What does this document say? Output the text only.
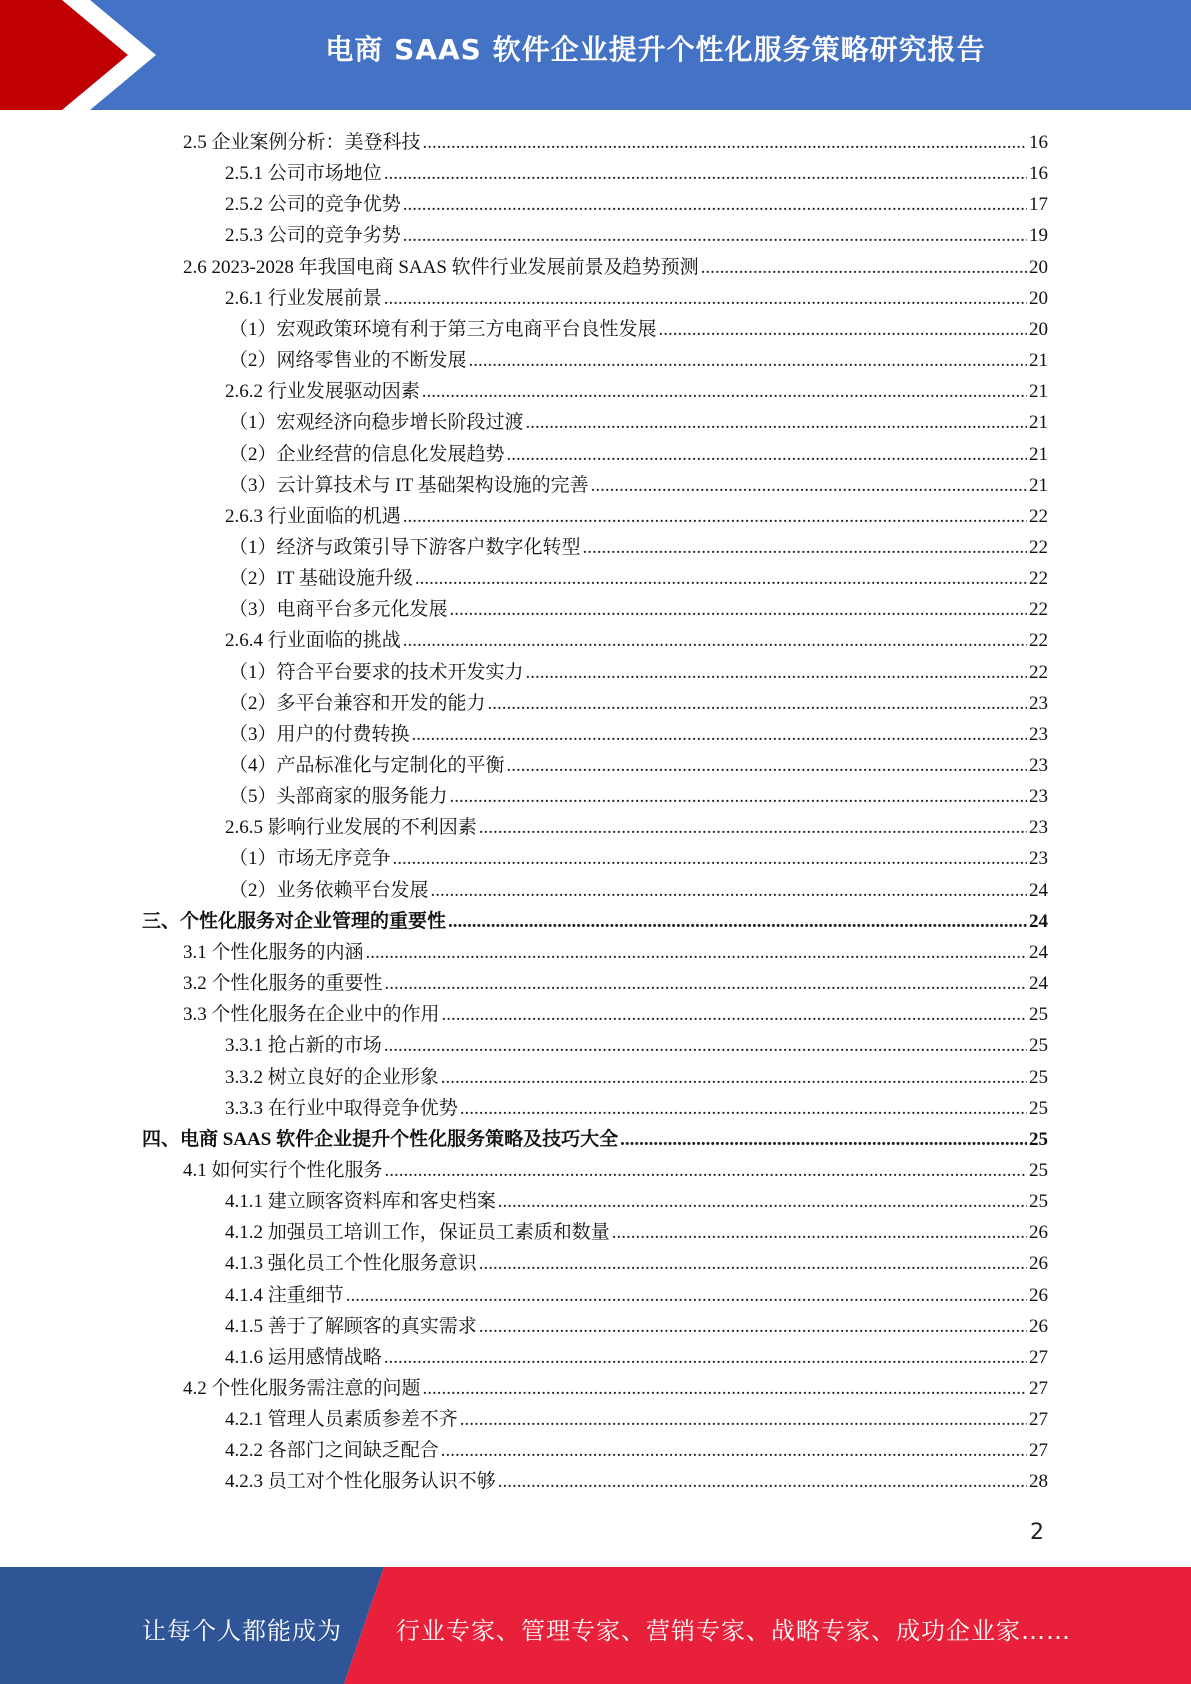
电商 SAAS 软件企业提升个性化服务策略研究报告
2.5 企业案例分析：美登科技 .....	16
2.5.1 公司市场地位 .....	16
2.5.2 公司的竞争优势 .....	17
2.5.3 公司的竞争劣势 .....	19
2.6 2023-2028 年我国电商 SAAS 软件行业发展前景及趋势预测 .....	20
2.6.1 行业发展前景 .....	20
（1）宏观政策环境有利于第三方电商平台良性发展 .....	20
（2）网络零售业的不断发展 .....	21
2.6.2 行业发展驱动因素 .....	21
（1）宏观经济向稳步增长阶段过渡 .....	21
（2）企业经营的信息化发展趋势 .....	21
（3）云计算技术与 IT 基础架构设施的完善 .....	21
2.6.3 行业面临的机遇 .....	22
（1）经济与政策引导下游客户数字化转型 .....	22
（2）IT 基础设施升级 .....	22
（3）电商平台多元化发展 .....	22
2.6.4 行业面临的挑战 .....	22
（1）符合平台要求的技术开发实力 .....	22
（2）多平台兼容和开发的能力 .....	23
（3）用户的付费转换 .....	23
（4）产品标准化与定制化的平衡 .....	23
（5）头部商家的服务能力 .....	23
2.6.5 影响行业发展的不利因素 .....	23
（1）市场无序竞争 .....	23
（2）业务依赖平台发展 .....	24
三、个性化服务对企业管理的重要性 .....	24
3.1 个性化服务的内涵 .....	24
3.2 个性化服务的重要性 .....	24
3.3 个性化服务在企业中的作用 .....	25
3.3.1 抢占新的市场 .....	25
3.3.2 树立良好的企业形象 .....	25
3.3.3 在行业中取得竞争优势 .....	25
四、电商 SAAS 软件企业提升个性化服务策略及技巧大全 .....	25
4.1 如何实行个性化服务 .....	25
4.1.1 建立顾客资料库和客史档案 .....	25
4.1.2 加强员工培训工作，保证员工素质和数量 .....	26
4.1.3 强化员工个性化服务意识 .....	26
4.1.4 注重细节 .....	26
4.1.5 善于了解顾客的真实需求 .....	26
4.1.6 运用感情战略 .....	27
4.2 个性化服务需注意的问题 .....	27
4.2.1 管理人员素质参差不齐 .....	27
4.2.2 各部门之间缺乏配合 .....	27
4.2.3 员工对个性化服务认识不够 .....	28
2
让每个人都能成为 行业专家、管理专家、营销专家、战略专家、成功企业家……
